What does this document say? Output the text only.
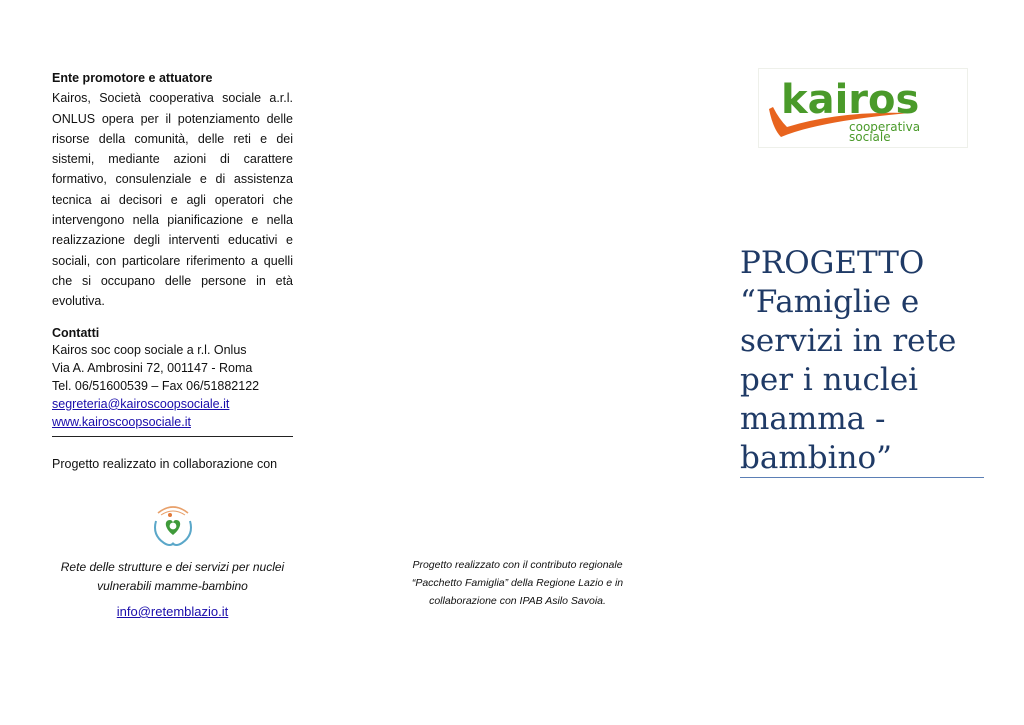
Ente promotore e attuatore
Kairos, Società cooperativa sociale a.r.l. ONLUS opera per il potenziamento delle risorse della comunità, delle reti e dei sistemi, mediante azioni di carattere formativo, consulenziale e di assistenza tecnica ai decisori e agli operatori che intervengono nella pianificazione e nella realizzazione degli interventi educativi e sociali, con particolare riferimento a quelli che si occupano delle persone in età evolutiva.
Contatti
Kairos soc coop sociale a r.l. Onlus
Via A. Ambrosini 72, 001147 - Roma
Tel. 06/51600539 – Fax 06/51882122
segreteria@kairoscoopsociale.it
www.kairoscoopsociale.it
Progetto realizzato in collaborazione con
Rete delle strutture e dei servizi per nuclei vulnerabili mamme-bambino
info@retemblazio.it
Progetto realizzato con il contributo regionale
“Pacchetto Famiglia” della Regione Lazio e in
collaborazione con IPAB Asilo Savoia.
kairos
cooperativa
sociale
PROGETTO
“Famiglie e
servizi in rete
per i nuclei
mamma -
bambino”
